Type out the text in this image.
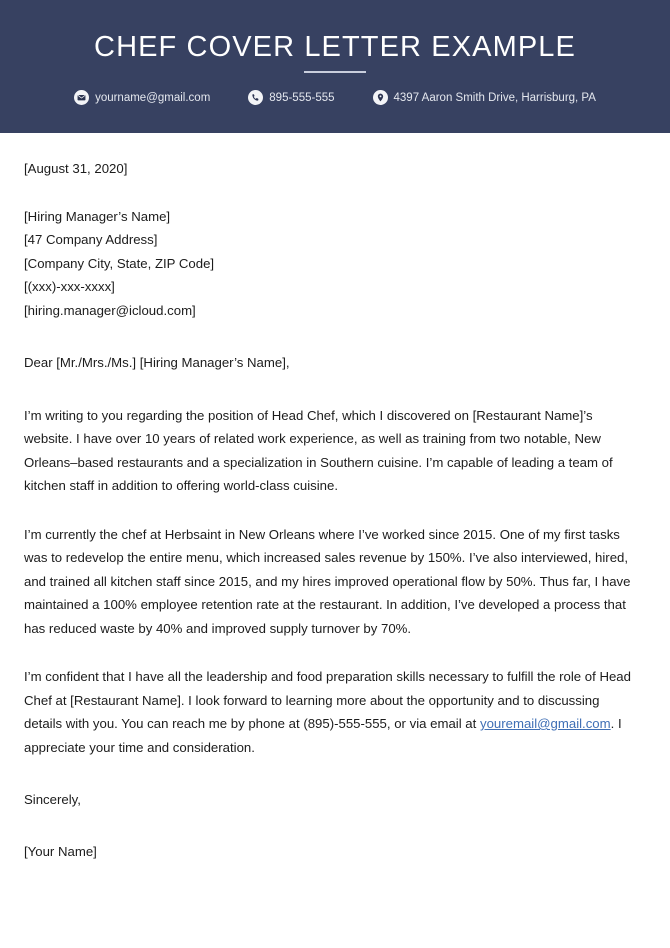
CHEF COVER LETTER EXAMPLE
yourname@gmail.com	895-555-555	4397 Aaron Smith Drive, Harrisburg, PA
[August 31, 2020]
[Hiring Manager’s Name]
[47 Company Address]
[Company City, State, ZIP Code]
[(xxx)-xxx-xxxx]
[hiring.manager@icloud.com]
Dear [Mr./Mrs./Ms.] [Hiring Manager’s Name],

I’m writing to you regarding the position of Head Chef, which I discovered on [Restaurant Name]’s website. I have over 10 years of related work experience, as well as training from two notable, New Orleans–based restaurants and a specialization in Southern cuisine. I’m capable of leading a team of kitchen staff in addition to offering world-class cuisine.

I’m currently the chef at Herbsaint in New Orleans where I’ve worked since 2015. One of my first tasks was to redevelop the entire menu, which increased sales revenue by 150%. I’ve also interviewed, hired, and trained all kitchen staff since 2015, and my hires improved operational flow by 50%. Thus far, I have maintained a 100% employee retention rate at the restaurant. In addition, I’ve developed a process that has reduced waste by 40% and improved supply turnover by 70%.

I’m confident that I have all the leadership and food preparation skills necessary to fulfill the role of Head Chef at [Restaurant Name]. I look forward to learning more about the opportunity and to discussing details with you. You can reach me by phone at (895)-555-555, or via email at youremail@gmail.com. I appreciate your time and consideration.

Sincerely,
[Your Name]
